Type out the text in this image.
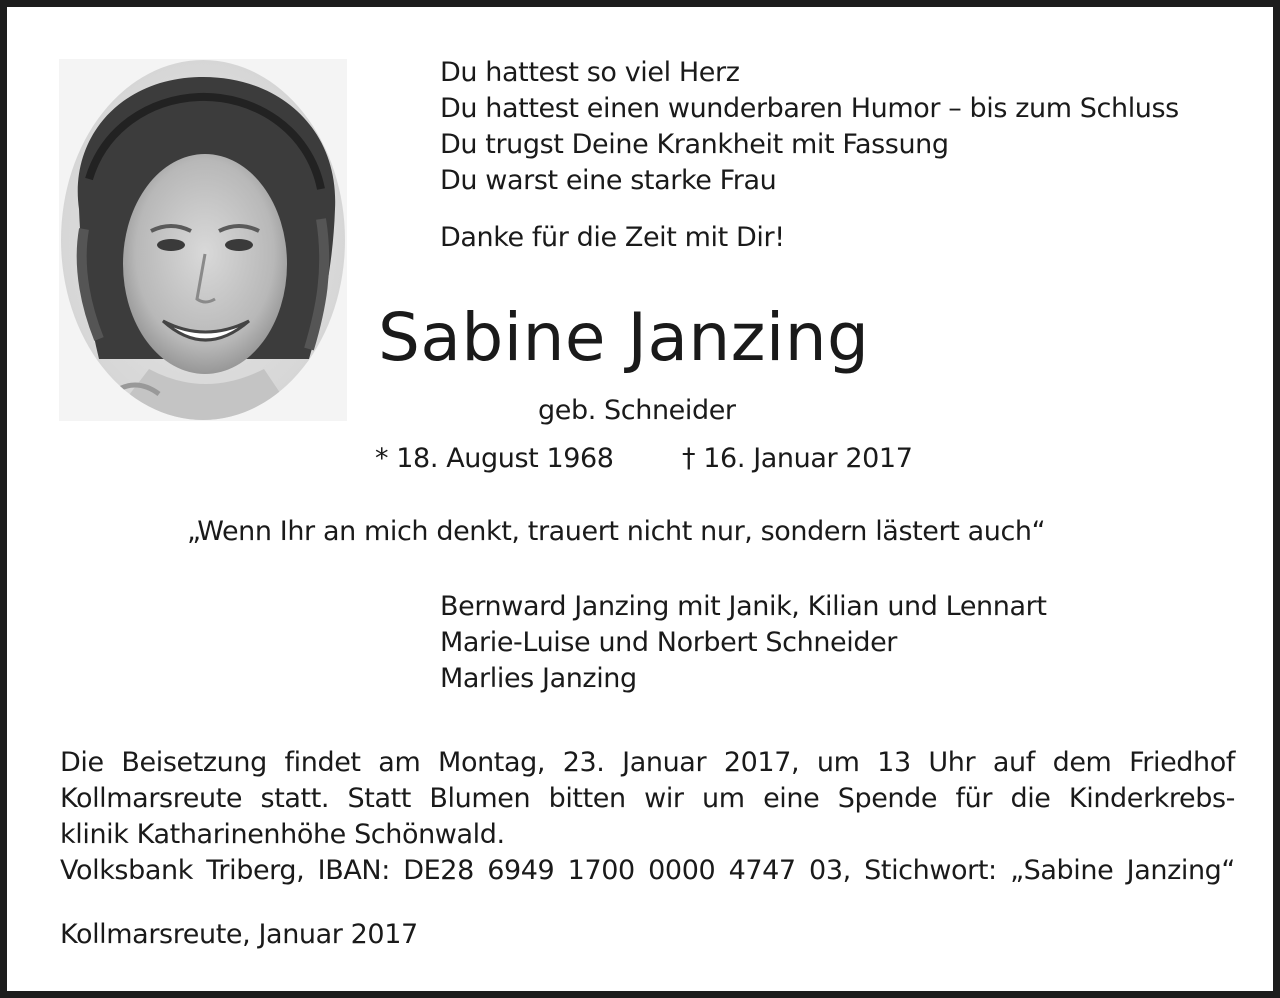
Du hattest so viel Herz
Du hattest einen wunderbaren Humor – bis zum Schluss
Du trugst Deine Krankheit mit Fassung
Du warst eine starke Frau
Danke für die Zeit mit Dir!
Sabine Janzing
geb. Schneider
* 18. August 1968	† 16. Januar 2017
„Wenn Ihr an mich denkt, trauert nicht nur, sondern lästert auch“
Bernward Janzing mit Janik, Kilian und Lennart
Marie-Luise und Norbert Schneider
Marlies Janzing
Die Beisetzung findet am Montag, 23. Januar 2017, um 13 Uhr auf dem Friedhof
Kollmarsreute statt. Statt Blumen bitten wir um eine Spende für die Kinderkrebs-
klinik Katharinenhöhe Schönwald.
Volksbank Triberg, IBAN: DE28 6949 1700 0000 4747 03, Stichwort: „Sabine Janzing“
Kollmarsreute, Januar 2017
